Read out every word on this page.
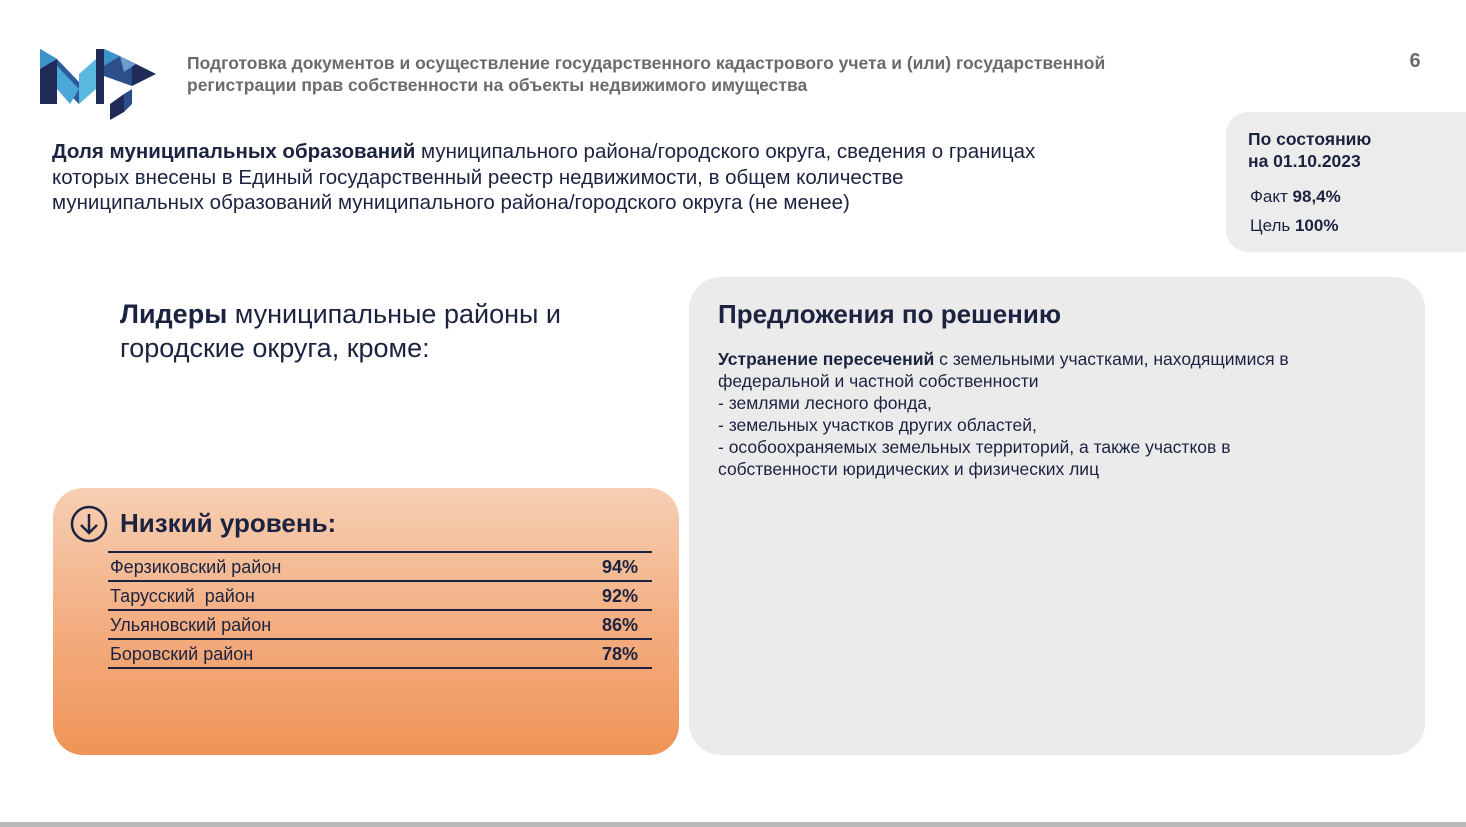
Подготовка документов и осуществление государственного кадастрового учета и (или) государственной
регистрации прав собственности на объекты недвижимого имущества
6
Доля муниципальных образований муниципального района/городского округа, сведения о границах
которых внесены в Единый государственный реестр недвижимости, в общем количестве
муниципальных образований муниципального района/городского округа (не менее)
По состоянию
на 01.10.2023
Факт 98,4%
Цель 100%
Лидеры муниципальные районы и
городские округа, кроме:
Низкий уровень:
Ферзиковский район	94%
Тарусский  район	92%
Ульяновский район	86%
Боровский район	78%
Предложения по решению
Устранение пересечений с земельными участками, находящимися в
федеральной и частной собственности
- землями лесного фонда,
- земельных участков других областей,
- особоохраняемых земельных территорий, а также участков в
собственности юридических и физических лиц
